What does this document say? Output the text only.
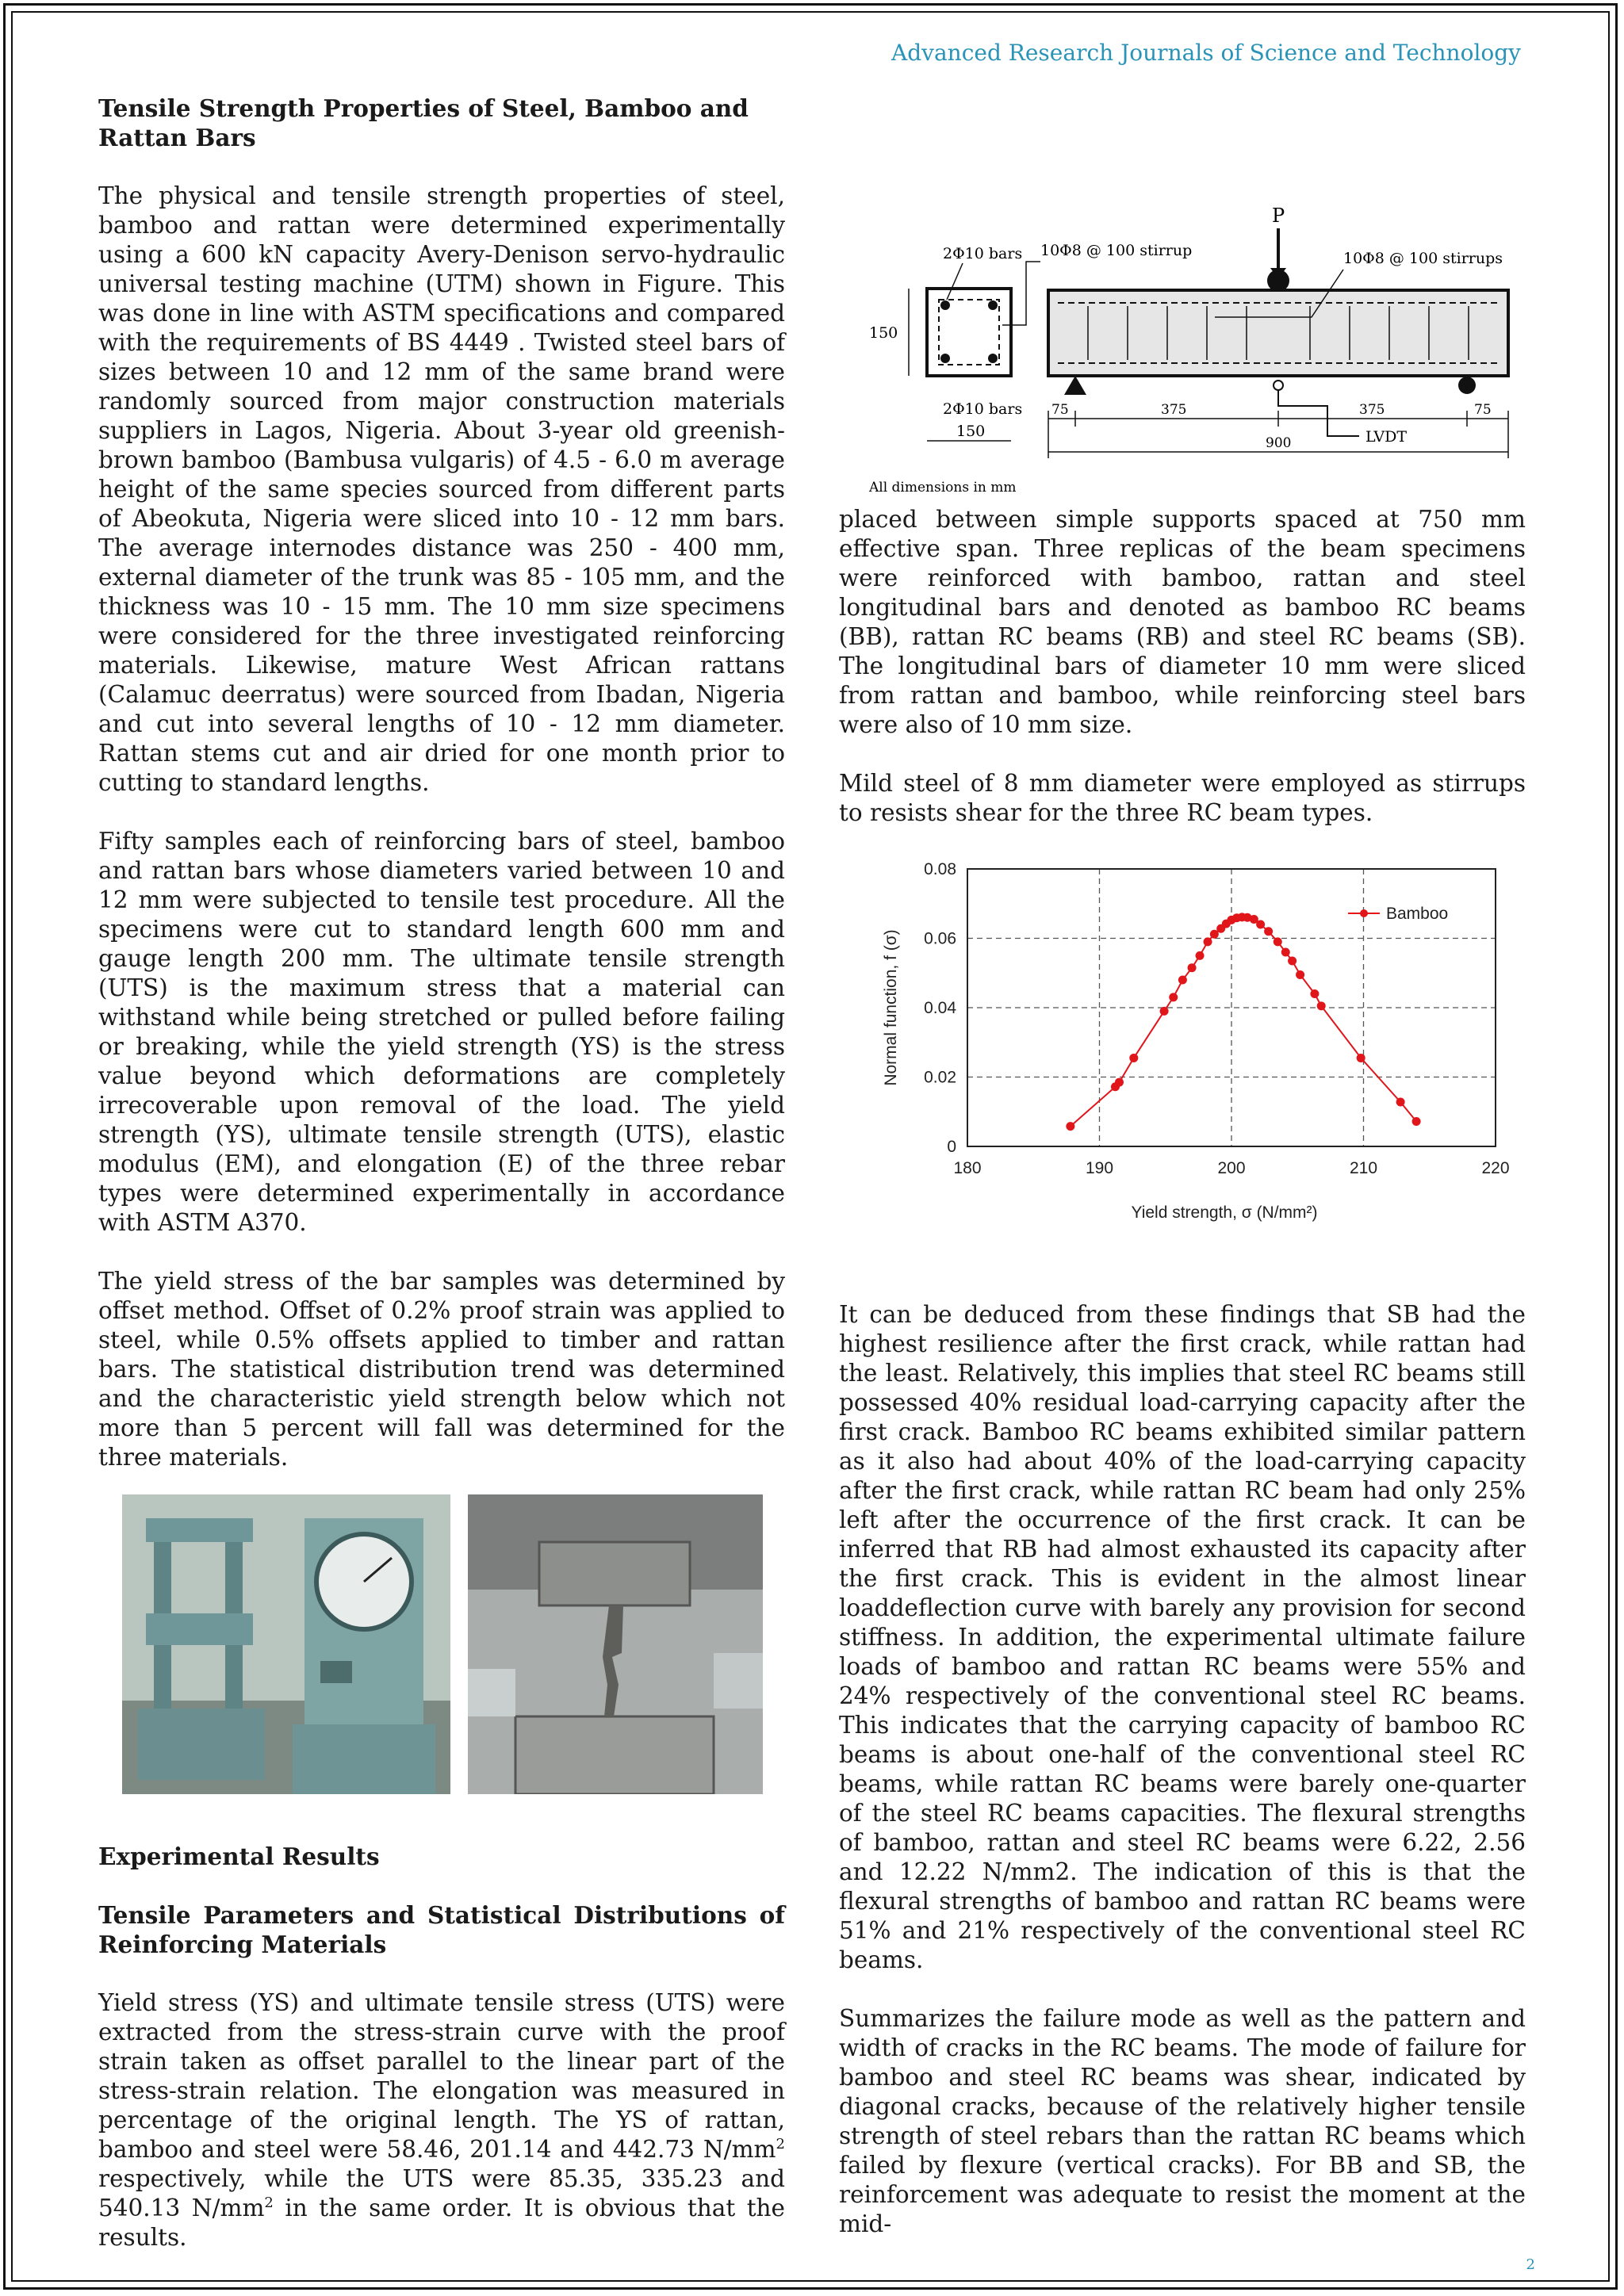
Advanced Research Journals of Science and Technology
Tensile Strength Properties of Steel, Bamboo and Rattan Bars

The physical and tensile strength properties of steel, bamboo and rattan were determined experimentally using a 600 kN capacity Avery-Denison servo-hydraulic universal testing machine (UTM) shown in Figure. This was done in line with ASTM specifications and compared with the requirements of BS 4449 . Twisted steel bars of sizes between 10 and 12 mm of the same brand were randomly sourced from major construction materials suppliers in Lagos, Nigeria. About 3-year old greenish-brown bamboo (Bambusa vulgaris) of 4.5 - 6.0 m average height of the same species sourced from different parts of Abeokuta, Nigeria were sliced into 10 - 12 mm bars. The average internodes distance was 250 - 400 mm, external diameter of the trunk was 85 - 105 mm, and the thickness was 10 - 15 mm. The 10 mm size specimens were considered for the three investigated reinforcing materials. Likewise, mature West African rattans (Calamuc deerratus) were sourced from Ibadan, Nigeria and cut into several lengths of 10 - 12 mm diameter. Rattan stems cut and air dried for one month prior to cutting to standard lengths.

Fifty samples each of reinforcing bars of steel, bamboo and rattan bars whose diameters varied between 10 and 12 mm were subjected to tensile test procedure. All the specimens were cut to standard length 600 mm and gauge length 200 mm. The ultimate tensile strength (UTS) is the maximum stress that a material can withstand while being stretched or pulled before failing or breaking, while the yield strength (YS) is the stress value beyond which deformations are completely irrecoverable upon removal of the load. The yield strength (YS), ultimate tensile strength (UTS), elastic modulus (EM), and elongation (E) of the three rebar types were determined experimentally in accordance with ASTM A370.

The yield stress of the bar samples was determined by offset method. Offset of 0.2% proof strain was applied to steel, while 0.5% offsets applied to timber and rattan bars. The statistical distribution trend was determined and the characteristic yield strength below which not more than 5 percent will fall was determined for the three materials.

Experimental Results
Tensile Parameters and Statistical Distributions of Reinforcing Materials

Yield stress (YS) and ultimate tensile stress (UTS) were extracted from the stress-strain curve with the proof strain taken as offset parallel to the linear part of the stress-strain relation. The elongation was measured in percentage of the original length. The YS of rattan, bamboo and steel were 58.46, 201.14 and 442.73 $N/mm^2$ respectively, while the UTS were 85.35, 335.23 and 540.13 $N/mm^2$ in the same order. It is obvious that the results.

2Φ10 bars 10Φ8 @ 100 stirrup
150
2Φ10 bars
150
10Φ8 @ 100 stirrups
P
LVDT
75	375	375	75
900
All dimensions in mm

placed between simple supports spaced at 750 mm effective span. Three replicas of the beam specimens were reinforced with bamboo, rattan and steel longitudinal bars and denoted as bamboo RC beams (BB), rattan RC beams (RB) and steel RC beams (SB). The longitudinal bars of diameter 10 mm were sliced from rattan and bamboo, while reinforcing steel bars were also of 10 mm size.

Mild steel of 8 mm diameter were employed as stirrups to resists shear for the three RC beam types.

180	190	200	210	220
0
0.02
0.04
0.06
0.08
Bamboo
Yield strength, σ (N/mm²)
Normal function, f (σ)

It can be deduced from these findings that SB had the highest resilience after the first crack, while rattan had the least. Relatively, this implies that steel RC beams still possessed 40% residual load-carrying capacity after the first crack. Bamboo RC beams exhibited similar pattern as it also had about 40% of the load-carrying capacity after the first crack, while rattan RC beam had only 25% left after the occurrence of the first crack. It can be inferred that RB had almost exhausted its capacity after the first crack. This is evident in the almost linear loaddeflection curve with barely any provision for second stiffness. In addition, the experimental ultimate failure loads of bamboo and rattan RC beams were 55% and 24% respectively of the conventional steel RC beams. This indicates that the carrying capacity of bamboo RC beams is about one-half of the conventional steel RC beams, while rattan RC beams were barely one-quarter of the steel RC beams capacities. The flexural strengths of bamboo, rattan and steel RC beams were 6.22, 2.56 and 12.22 N/mm2. The indication of this is that the flexural strengths of bamboo and rattan RC beams were 51% and 21% respectively of the conventional steel RC beams.

Summarizes the failure mode as well as the pattern and width of cracks in the RC beams. The mode of failure for bamboo and steel RC beams was shear, indicated by diagonal cracks, because of the relatively higher tensile strength of steel rebars than the rattan RC beams which failed by flexure (vertical cracks). For BB and SB, the reinforcement was adequate to resist the moment at the mid-

2
